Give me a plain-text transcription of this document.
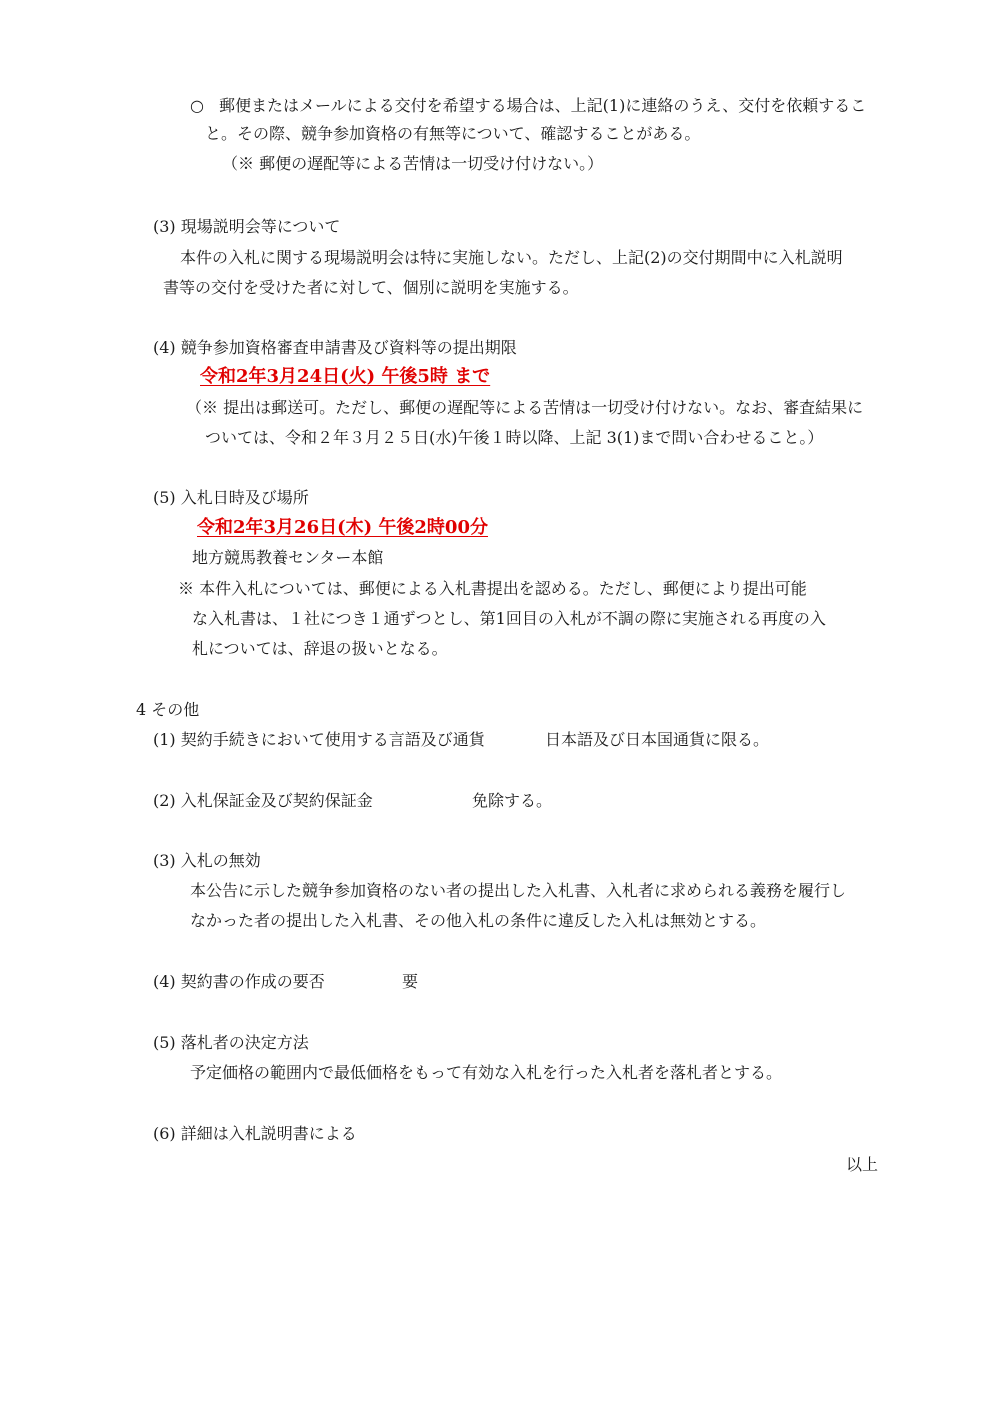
○ 郵便またはメールによる交付を希望する場合は、上記(1)に連絡のうえ、交付を依頼するこ
と。その際、競争参加資格の有無等について、確認することがある。
（※ 郵便の遅配等による苦情は一切受け付けない。）
(3) 現場説明会等について
本件の入札に関する現場説明会は特に実施しない。ただし、上記(2)の交付期間中に入札説明
書等の交付を受けた者に対して、個別に説明を実施する。
(4) 競争参加資格審査申請書及び資料等の提出期限
令和2年3月24日(火) 午後5時 まで
（※ 提出は郵送可。ただし、郵便の遅配等による苦情は一切受け付けない。なお、審査結果に
ついては、令和２年３月２５日(水)午後１時以降、上記 3(1)まで問い合わせること。）
(5) 入札日時及び場所
令和2年3月26日(木) 午後2時00分
地方競馬教養センター本館
※ 本件入札については、郵便による入札書提出を認める。ただし、郵便により提出可能
な入札書は、１社につき１通ずつとし、第1回目の入札が不調の際に実施される再度の入
札については、辞退の扱いとなる。
4 その他
(1) 契約手続きにおいて使用する言語及び通貨	日本語及び日本国通貨に限る。
(2) 入札保証金及び契約保証金	免除する。
(3) 入札の無効
本公告に示した競争参加資格のない者の提出した入札書、入札者に求められる義務を履行し
なかった者の提出した入札書、その他入札の条件に違反した入札は無効とする。
(4) 契約書の作成の要否	要
(5) 落札者の決定方法
予定価格の範囲内で最低価格をもって有効な入札を行った入札者を落札者とする。
(6) 詳細は入札説明書による
以上
